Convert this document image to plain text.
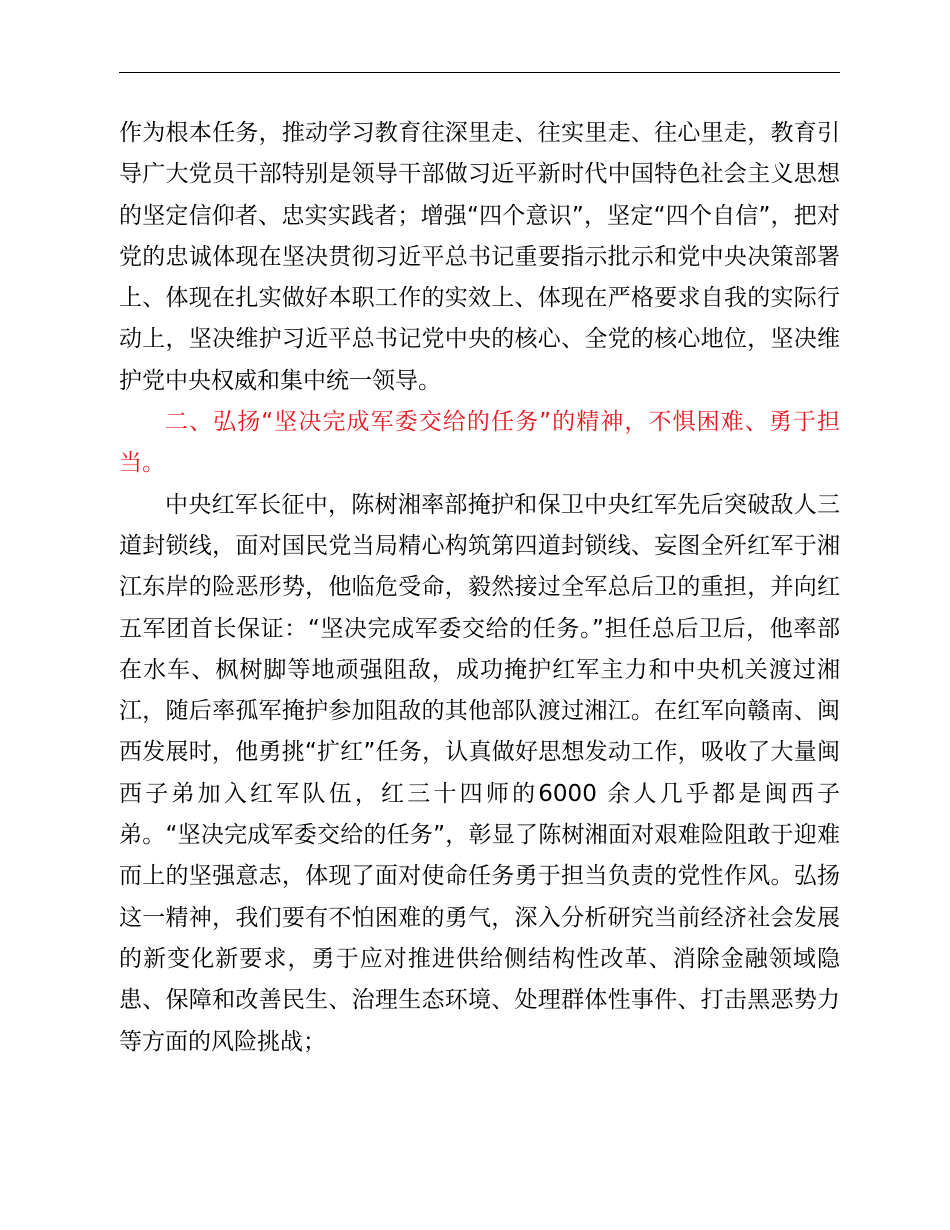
作为根本任务，推动学习教育往深里走、往实里走、往心里走，教育引导广大党员干部特别是领导干部做习近平新时代中国特色社会主义思想的坚定信仰者、忠实实践者；增强“四个意识”，坚定“四个自信”，把对党的忠诚体现在坚决贯彻习近平总书记重要指示批示和党中央决策部署上、体现在扎实做好本职工作的实效上、体现在严格要求自我的实际行动上，坚决维护习近平总书记党中央的核心、全党的核心地位，坚决维护党中央权威和集中统一领导。

二、弘扬“坚决完成军委交给的任务”的精神，不惧困难、勇于担当。

中央红军长征中，陈树湘率部掩护和保卫中央红军先后突破敌人三道封锁线，面对国民党当局精心构筑第四道封锁线、妄图全歼红军于湘江东岸的险恶形势，他临危受命，毅然接过全军总后卫的重担，并向红五军团首长保证：“坚决完成军委交给的任务。”担任总后卫后，他率部在水车、枫树脚等地顽强阻敌，成功掩护红军主力和中央机关渡过湘江，随后率孤军掩护参加阻敌的其他部队渡过湘江。在红军向赣南、闽西发展时，他勇挑“扩红”任务，认真做好思想发动工作，吸收了大量闽西子弟加入红军队伍，红三十四师的6000 余人几乎都是闽西子弟。“坚决完成军委交给的任务”，彰显了陈树湘面对艰难险阻敢于迎难而上的坚强意志，体现了面对使命任务勇于担当负责的党性作风。弘扬这一精神，我们要有不怕困难的勇气，深入分析研究当前经济社会发展的新变化新要求，勇于应对推进供给侧结构性改革、消除金融领域隐患、保障和改善民生、治理生态环境、处理群体性事件、打击黑恶势力等方面的风险挑战；
